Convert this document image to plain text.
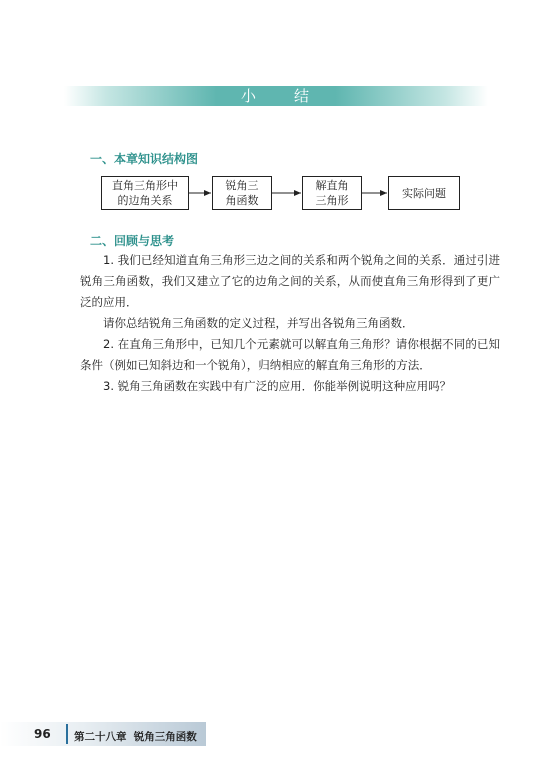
小 结
一、本章知识结构图
直角三角形中
的边角关系
锐角三
角函数
解直角
三角形
实际问题
二、回顾与思考

1. 我们已经知道直角三角形三边之间的关系和两个锐角之间的关系．通过引进锐角三角函数，我们又建立了它的边角之间的关系，从而使直角三角形得到了更广泛的应用．

请你总结锐角三角函数的定义过程，并写出各锐角三角函数．

2. 在直角三角形中，已知几个元素就可以解直角三角形？请你根据不同的已知条件（例如已知斜边和一个锐角），归纳相应的解直角三角形的方法．

3. 锐角三角函数在实践中有广泛的应用．你能举例说明这种应用吗？

96 第二十八章  锐角三角函数
